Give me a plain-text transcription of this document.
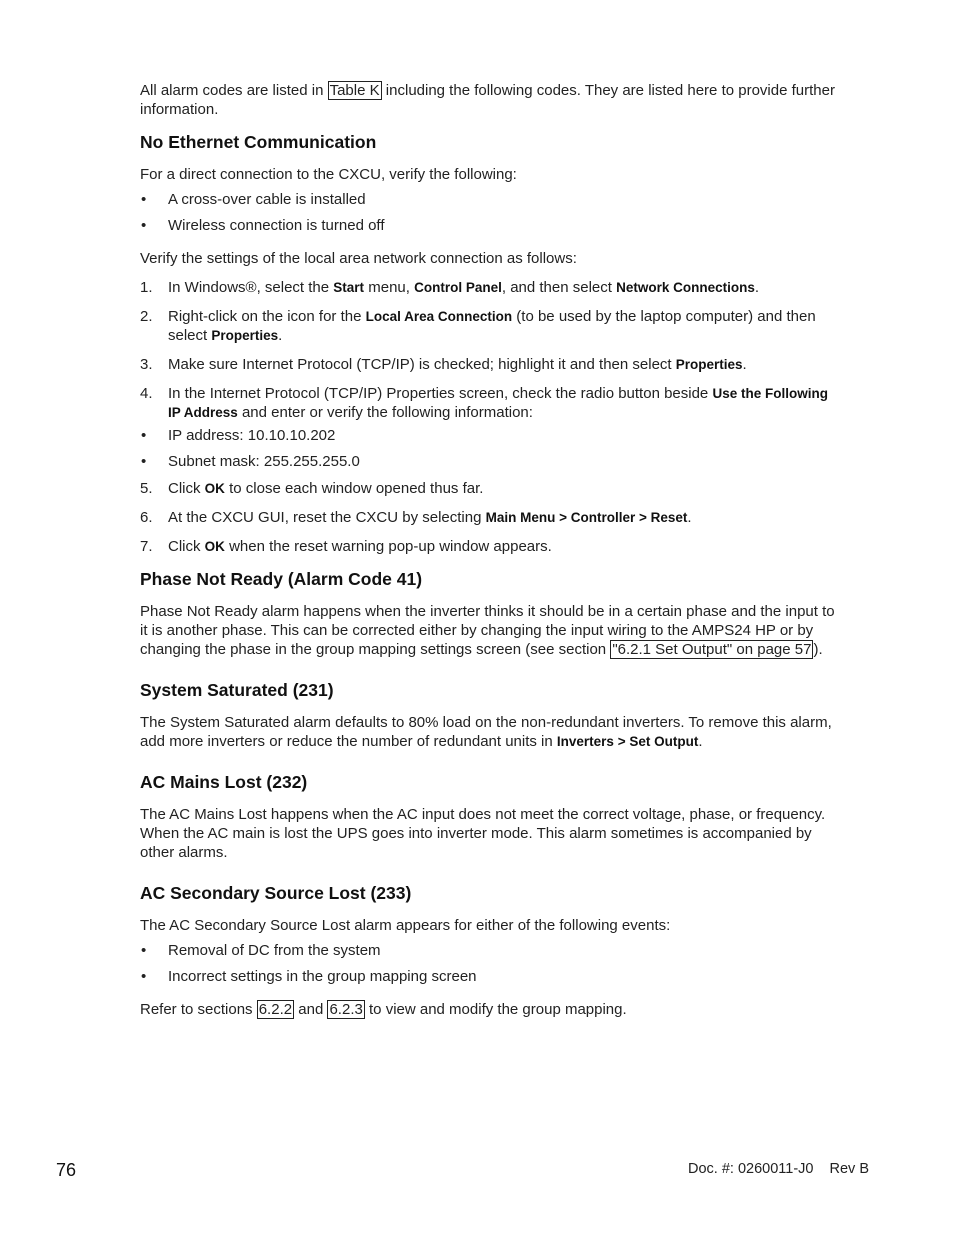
All alarm codes are listed in Table K including the following codes. They are listed here to provide further information.

No Ethernet Communication

For a direct connection to the CXCU, verify the following:

• A cross-over cable is installed
• Wireless connection is turned off

Verify the settings of the local area network connection as follows:

1. In Windows®, select the Start menu, Control Panel, and then select Network Connections.
2. Right-click on the icon for the Local Area Connection (to be used by the laptop computer) and then select Properties.
3. Make sure Internet Protocol (TCP/IP) is checked; highlight it and then select Properties.
4. In the Internet Protocol (TCP/IP) Properties screen, check the radio button beside Use the Following IP Address and enter or verify the following information:
• IP address: 10.10.10.202
• Subnet mask: 255.255.255.0
5. Click OK to close each window opened thus far.
6. At the CXCU GUI, reset the CXCU by selecting Main Menu > Controller > Reset.
7. Click OK when the reset warning pop-up window appears.
Phase Not Ready (Alarm Code 41)

Phase Not Ready alarm happens when the inverter thinks it should be in a certain phase and the input to it is another phase. This can be corrected either by changing the input wiring to the AMPS24 HP or by changing the phase in the group mapping settings screen (see section "6.2.1 Set Output" on page 57 ).

System Saturated (231)

The System Saturated alarm defaults to 80% load on the non-redundant inverters. To remove this alarm, add more inverters or reduce the number of redundant units in Inverters > Set Output.

AC Mains Lost (232)

The AC Mains Lost happens when the AC input does not meet the correct voltage, phase, or frequency. When the AC main is lost the UPS goes into inverter mode. This alarm sometimes is accompanied by other alarms.

AC Secondary Source Lost (233)

The AC Secondary Source Lost alarm appears for either of the following events:

• Removal of DC from the system
• Incorrect settings in the group mapping screen

Refer to sections 6.2.2 and 6.2.3 to view and modify the group mapping.

76	Doc. #: 0260011-J0 Rev B
